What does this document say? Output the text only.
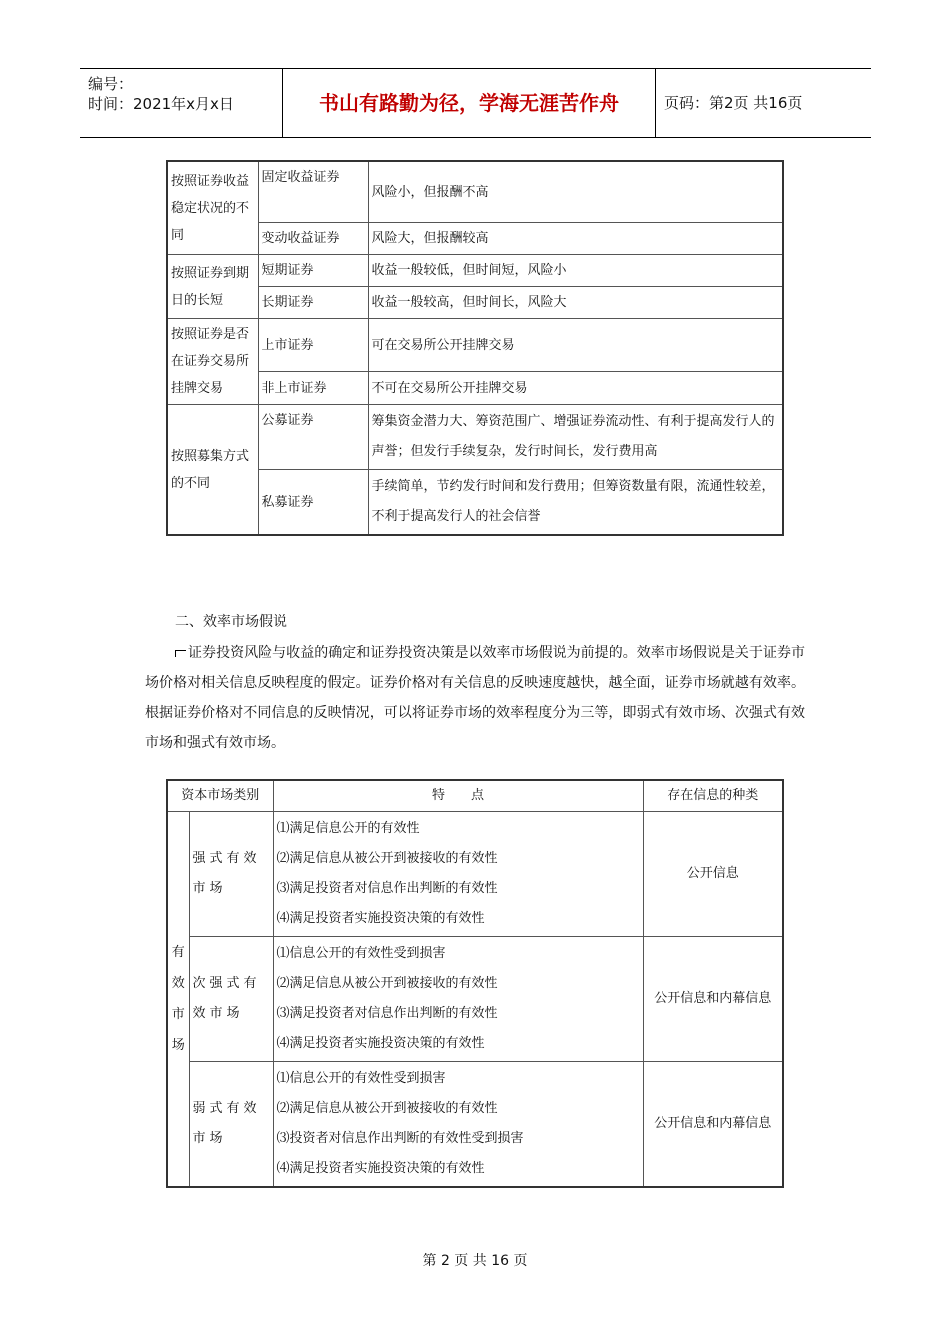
编号：
时间：2021年x月x日	书山有路勤为径，学海无涯苦作舟	页码：第2页 共16页
按照证券收益稳定状况的不同	固定收益证券	风险小，但报酬不高
	变动收益证券	风险大，但报酬较高
按照证券到期日的长短	短期证券	收益一般较低，但时间短，风险小
	长期证券	收益一般较高，但时间长，风险大
按照证券是否在证券交易所挂牌交易	上市证券	可在交易所公开挂牌交易
	非上市证券	不可在交易所公开挂牌交易
按照募集方式的不同	公募证券	筹集资金潜力大、筹资范围广、增强证券流动性、有利于提高发行人的声誉；但发行手续复杂，发行时间长，发行费用高
	私募证券	手续简单，节约发行时间和发行费用；但筹资数量有限，流通性较差，不利于提高发行人的社会信誉
二、效率市场假说
证券投资风险与收益的确定和证券投资决策是以效率市场假说为前提的。效率市场假说是关于证券市场价格对相关信息反映程度的假定。证券价格对有关信息的反映速度越快，越全面，证券市场就越有效率。根据证券价格对不同信息的反映情况，可以将证券市场的效率程度分为三等，即弱式有效市场、次强式有效市场和强式有效市场。
资本市场类别		特　　点	存在信息的种类
有效市场	强式有效市场	⑴满足信息公开的有效性
⑵满足信息从被公开到被接收的有效性
⑶满足投资者对信息作出判断的有效性
⑷满足投资者实施投资决策的有效性	公开信息
	次强式有效市场	⑴信息公开的有效性受到损害
⑵满足信息从被公开到被接收的有效性
⑶满足投资者对信息作出判断的有效性
⑷满足投资者实施投资决策的有效性	公开信息和内幕信息
	弱式有效市场	⑴信息公开的有效性受到损害
⑵满足信息从被公开到被接收的有效性
⑶投资者对信息作出判断的有效性受到损害
⑷满足投资者实施投资决策的有效性	公开信息和内幕信息
第 2 页 共 16 页
